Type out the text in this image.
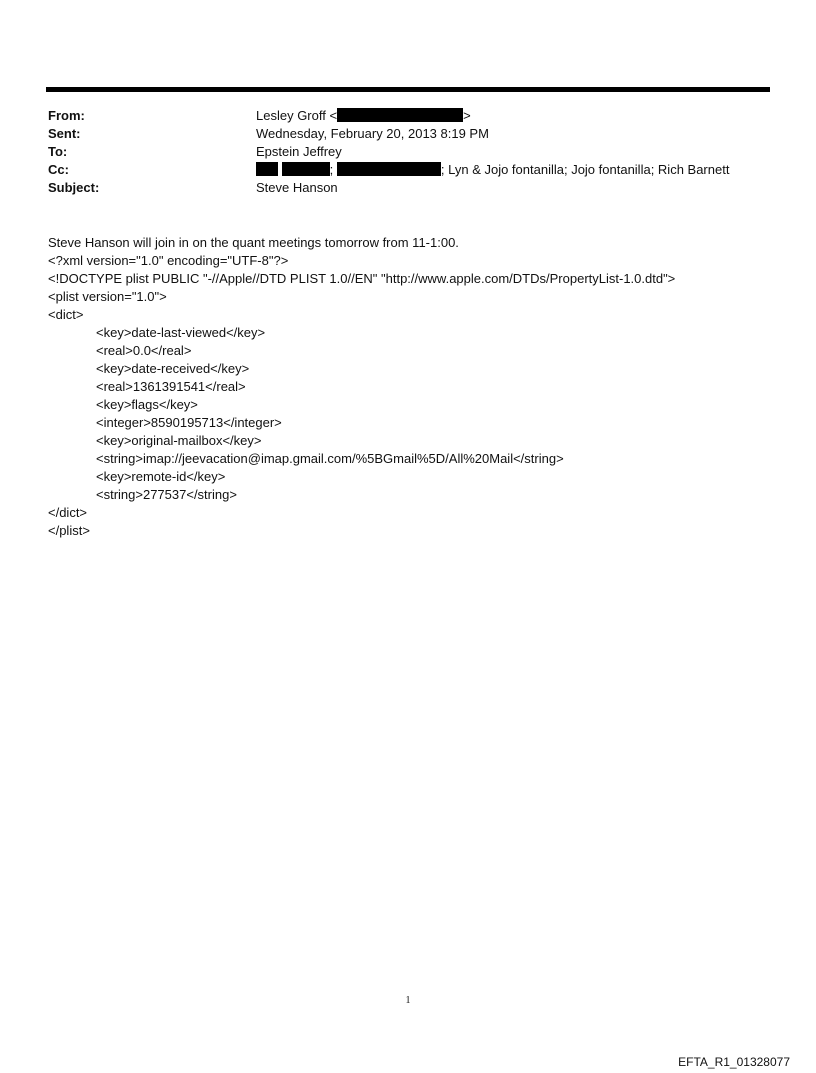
From:	Lesley Groff <	>
Sent:	Wednesday, February 20, 2013 8:19 PM
To:	Epstein Jeffrey
Cc:	;	; Lyn & Jojo fontanilla; Jojo fontanilla; Rich Barnett
Subject:	Steve Hanson
Steve Hanson will join in on the quant meetings tomorrow from 11-1:00.
<?xml version="1.0" encoding="UTF-8"?>
<!DOCTYPE plist PUBLIC "-//Apple//DTD PLIST 1.0//EN" "http://www.apple.com/DTDs/PropertyList-1.0.dtd">
<plist version="1.0">
<dict>
<key>date-last-viewed</key>
<real>0.0</real>
<key>date-received</key>
<real>1361391541</real>
<key>flags</key>
<integer>8590195713</integer>
<key>original-mailbox</key>
<string>imap://jeevacation@imap.gmail.com/%5BGmail%5D/All%20Mail</string>
<key>remote-id</key>
<string>277537</string>
</dict>
</plist>
1
EFTA_R1_01328077
